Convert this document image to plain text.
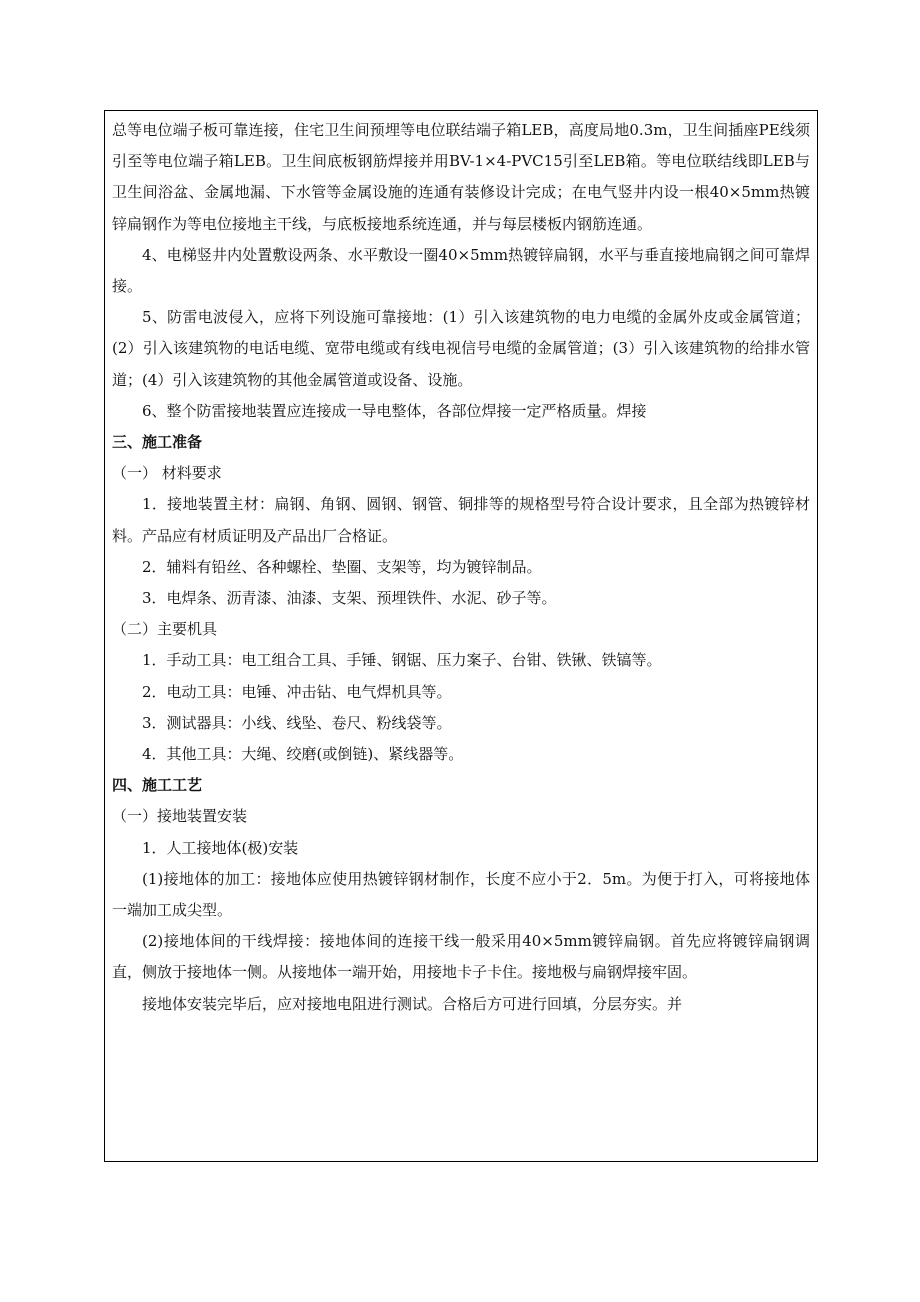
总等电位端子板可靠连接，住宅卫生间预埋等电位联结端子箱LEB，高度局地0.3m，卫生间插座PE线须引至等电位端子箱LEB。卫生间底板钢筋焊接并用BV-1×4-PVC15引至LEB箱。等电位联结线即LEB与卫生间浴盆、金属地漏、下水管等金属设施的连通有装修设计完成；在电气竖井内设一根40×5mm热镀锌扁钢作为等电位接地主干线，与底板接地系统连通，并与每层楼板内钢筋连通。

4、电梯竖井内处置敷设两条、水平敷设一圈40×5mm热镀锌扁钢，水平与垂直接地扁钢之间可靠焊接。

5、防雷电波侵入，应将下列设施可靠接地：(1）引入该建筑物的电力电缆的金属外皮或金属管道；(2）引入该建筑物的电话电缆、宽带电缆或有线电视信号电缆的金属管道；(3）引入该建筑物的给排水管道；(4）引入该建筑物的其他金属管道或设备、设施。

6、整个防雷接地装置应连接成一导电整体，各部位焊接一定严格质量。焊接

三、施工准备

（一） 材料要求

1．接地装置主材：扁钢、角钢、圆钢、钢管、铜排等的规格型号符合设计要求，且全部为热镀锌材料。产品应有材质证明及产品出厂合格证。

2．辅料有铅丝、各种螺栓、垫圈、支架等，均为镀锌制品。

3．电焊条、沥青漆、油漆、支架、预埋铁件、水泥、砂子等。

（二）主要机具

1．手动工具：电工组合工具、手锤、钢锯、压力案子、台钳、铁锹、铁镐等。

2．电动工具：电锤、冲击钻、电气焊机具等。

3．测试器具：小线、线坠、卷尺、粉线袋等。

4．其他工具：大绳、绞磨(或倒链)、紧线器等。

四、施工工艺

（一）接地装置安装

1．人工接地体(极)安装

(1)接地体的加工：接地体应使用热镀锌钢材制作，长度不应小于2．5m。为便于打入，可将接地体一端加工成尖型。

(2)接地体间的干线焊接：接地体间的连接干线一般采用40×5mm镀锌扁钢。首先应将镀锌扁钢调直，侧放于接地体一侧。从接地体一端开始，用接地卡子卡住。接地极与扁钢焊接牢固。

接地体安装完毕后，应对接地电阻进行测试。合格后方可进行回填，分层夯实。并
